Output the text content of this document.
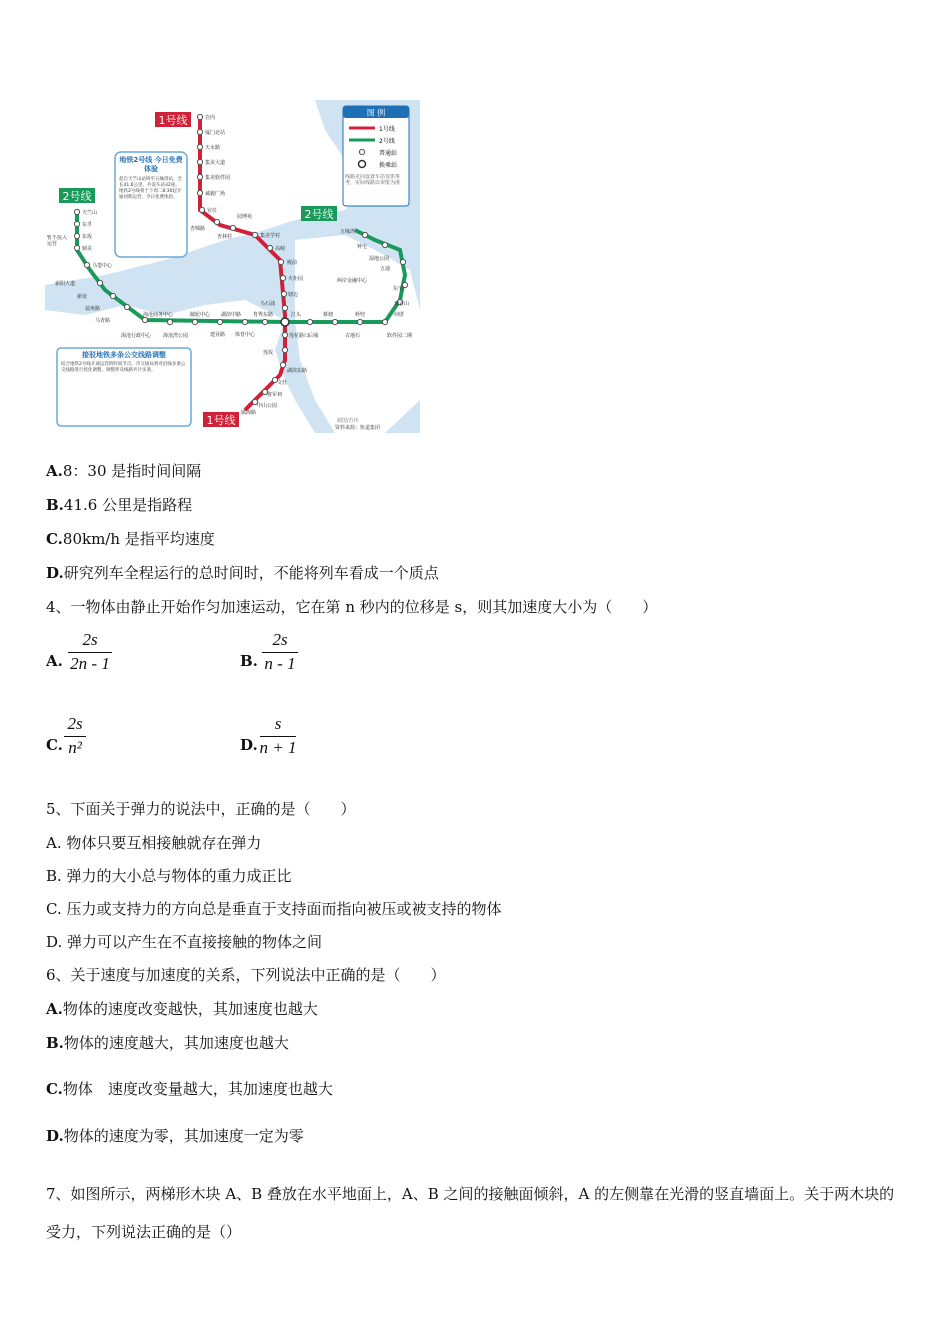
1号线
2号线
2号线
1号线
图 例
1号线
2号线
普通站
换乘站
线路走向设置车站仅供参考，实际线路以审批为准
地铁2号线 今日免费体验
起自天竺山站终至五缘湾站，全长41.6公里，共设车站32座。地铁2号线将于下周二8:30起开通初期运营，今日免费体验。
暂不投入运营
接驳地铁多条公交线路调整
结合地铁2号线开通运营的时间节点，市交通局将对沿线多条公交线路进行优化调整，调整涉及线路共计多条。
岩内
厦门北站
天水路
集美大道
集美软件园
诚毅广场
官任
园博苑
杏林村
杏锦路
集美学村
高崎
殿前
火炬园
塘边
乌石浦
莲花路口
莲坂
湖滨东路
文灶
将军祠
中山公园
镇海路
体育中心
建业路
天竺山
东孚
东坂
鼎美
马銮中心
新阳大道
新垵
翁角路
马青路
海沧湾公园
海沧行政中心
海沧商务中心	邮轮中心 湖滨中路 育秀东路	江头	蔡塘	岭兜	何厝
观音山
东宅
五通
湿地公园
两岸金融中心
钟宅
五缘湾
软件园二期
古地石
后埔
制图/苏伟
资料来源：轨道集团
A.8：30 是指时间间隔
B.41.6 公里是指路程
C.80km/h 是指平均速度
D.研究列车全程运行的总时间时，不能将列车看成一个质点
4、一物体由静止开始作匀加速运动，它在第 n 秒内的位移是 s，则其加速度大小为（　　）
A.
2s
2n - 1	B.
2s
n - 1
C.
2s
n²	D.
s
n + 1
5、下面关于弹力的说法中，正确的是（　　）
A. 物体只要互相接触就存在弹力
B. 弹力的大小总与物体的重力成正比
C. 压力或支持力的方向总是垂直于支持面而指向被压或被支持的物体
D. 弹力可以产生在不直接接触的物体之间
6、关于速度与加速度的关系，下列说法中正确的是（　　）
A.物体的速度改变越快，其加速度也越大
B.物体的速度越大，其加速度也越大
C.物体　速度改变量越大，其加速度也越大
D.物体的速度为零，其加速度一定为零
7、如图所示，两梯形木块 A、B 叠放在水平地面上，A、B 之间的接触面倾斜，A 的左侧靠在光滑的竖直墙面上。关于两木块的受力，下列说法正确的是（）
